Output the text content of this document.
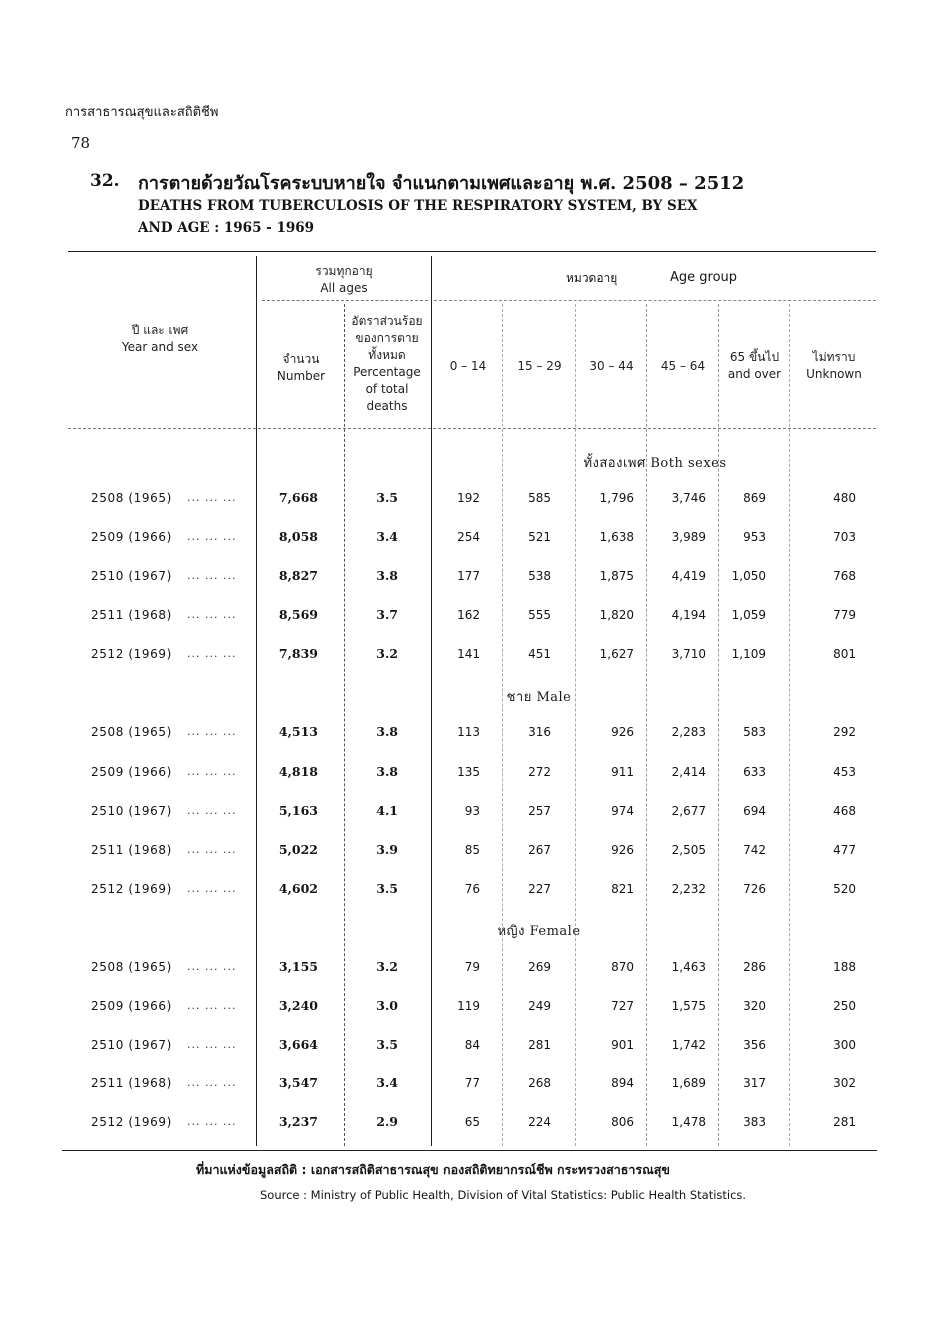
การสาธารณสุขและสถิติชีพ
78
32. การตายด้วยวัณโรคระบบหายใจ จำแนกตามเพศและอายุ พ.ศ. 2508 – 2512
DEATHS FROM TUBERCULOSIS OF THE RESPIRATORY SYSTEM, BY SEX
AND AGE : 1965 - 1969
ปี และ เพศ
Year and sex
รวมทุกอายุ
All ages
หมวดอายุ	Age group
จำนวน
Number
อัตราส่วนร้อย
ของการตาย
ทั้งหมด
Percentage
of total
deaths
0 – 14	15 – 29	30 – 44	45 – 64
65 ขึ้นไป
and over
ไม่ทราบ
Unknown
ทั้งสองเพศ Both sexes
2508 (1965) ... ... ...	7,668	3.5	192	585	1,796	3,746	869	480
2509 (1966) ... ... ...	8,058	3.4	254	521	1,638	3,989	953	703
2510 (1967) ... ... ...	8,827	3.8	177	538	1,875	4,419	1,050	768
2511 (1968) ... ... ...	8,569	3.7	162	555	1,820	4,194	1,059	779
2512 (1969) ... ... ...	7,839	3.2	141	451	1,627	3,710	1,109	801
ชาย Male
2508 (1965) ... ... ...	4,513	3.8	113	316	926	2,283	583	292
2509 (1966) ... ... ...	4,818	3.8	135	272	911	2,414	633	453
2510 (1967) ... ... ...	5,163	4.1	93	257	974	2,677	694	468
2511 (1968) ... ... ...	5,022	3.9	85	267	926	2,505	742	477
2512 (1969) ... ... ...	4,602	3.5	76	227	821	2,232	726	520
หญิง Female
2508 (1965) ... ... ...	3,155	3.2	79	269	870	1,463	286	188
2509 (1966) ... ... ...	3,240	3.0	119	249	727	1,575	320	250
2510 (1967) ... ... ...	3,664	3.5	84	281	901	1,742	356	300
2511 (1968) ... ... ...	3,547	3.4	77	268	894	1,689	317	302
2512 (1969) ... ... ...	3,237	2.9	65	224	806	1,478	383	281
ที่มาแห่งข้อมูลสถิติ : เอกสารสถิติสาธารณสุข กองสถิติทยากรณ์ชีพ กระทรวงสาธารณสุข
Source : Ministry of Public Health, Division of Vital Statistics: Public Health Statistics.
